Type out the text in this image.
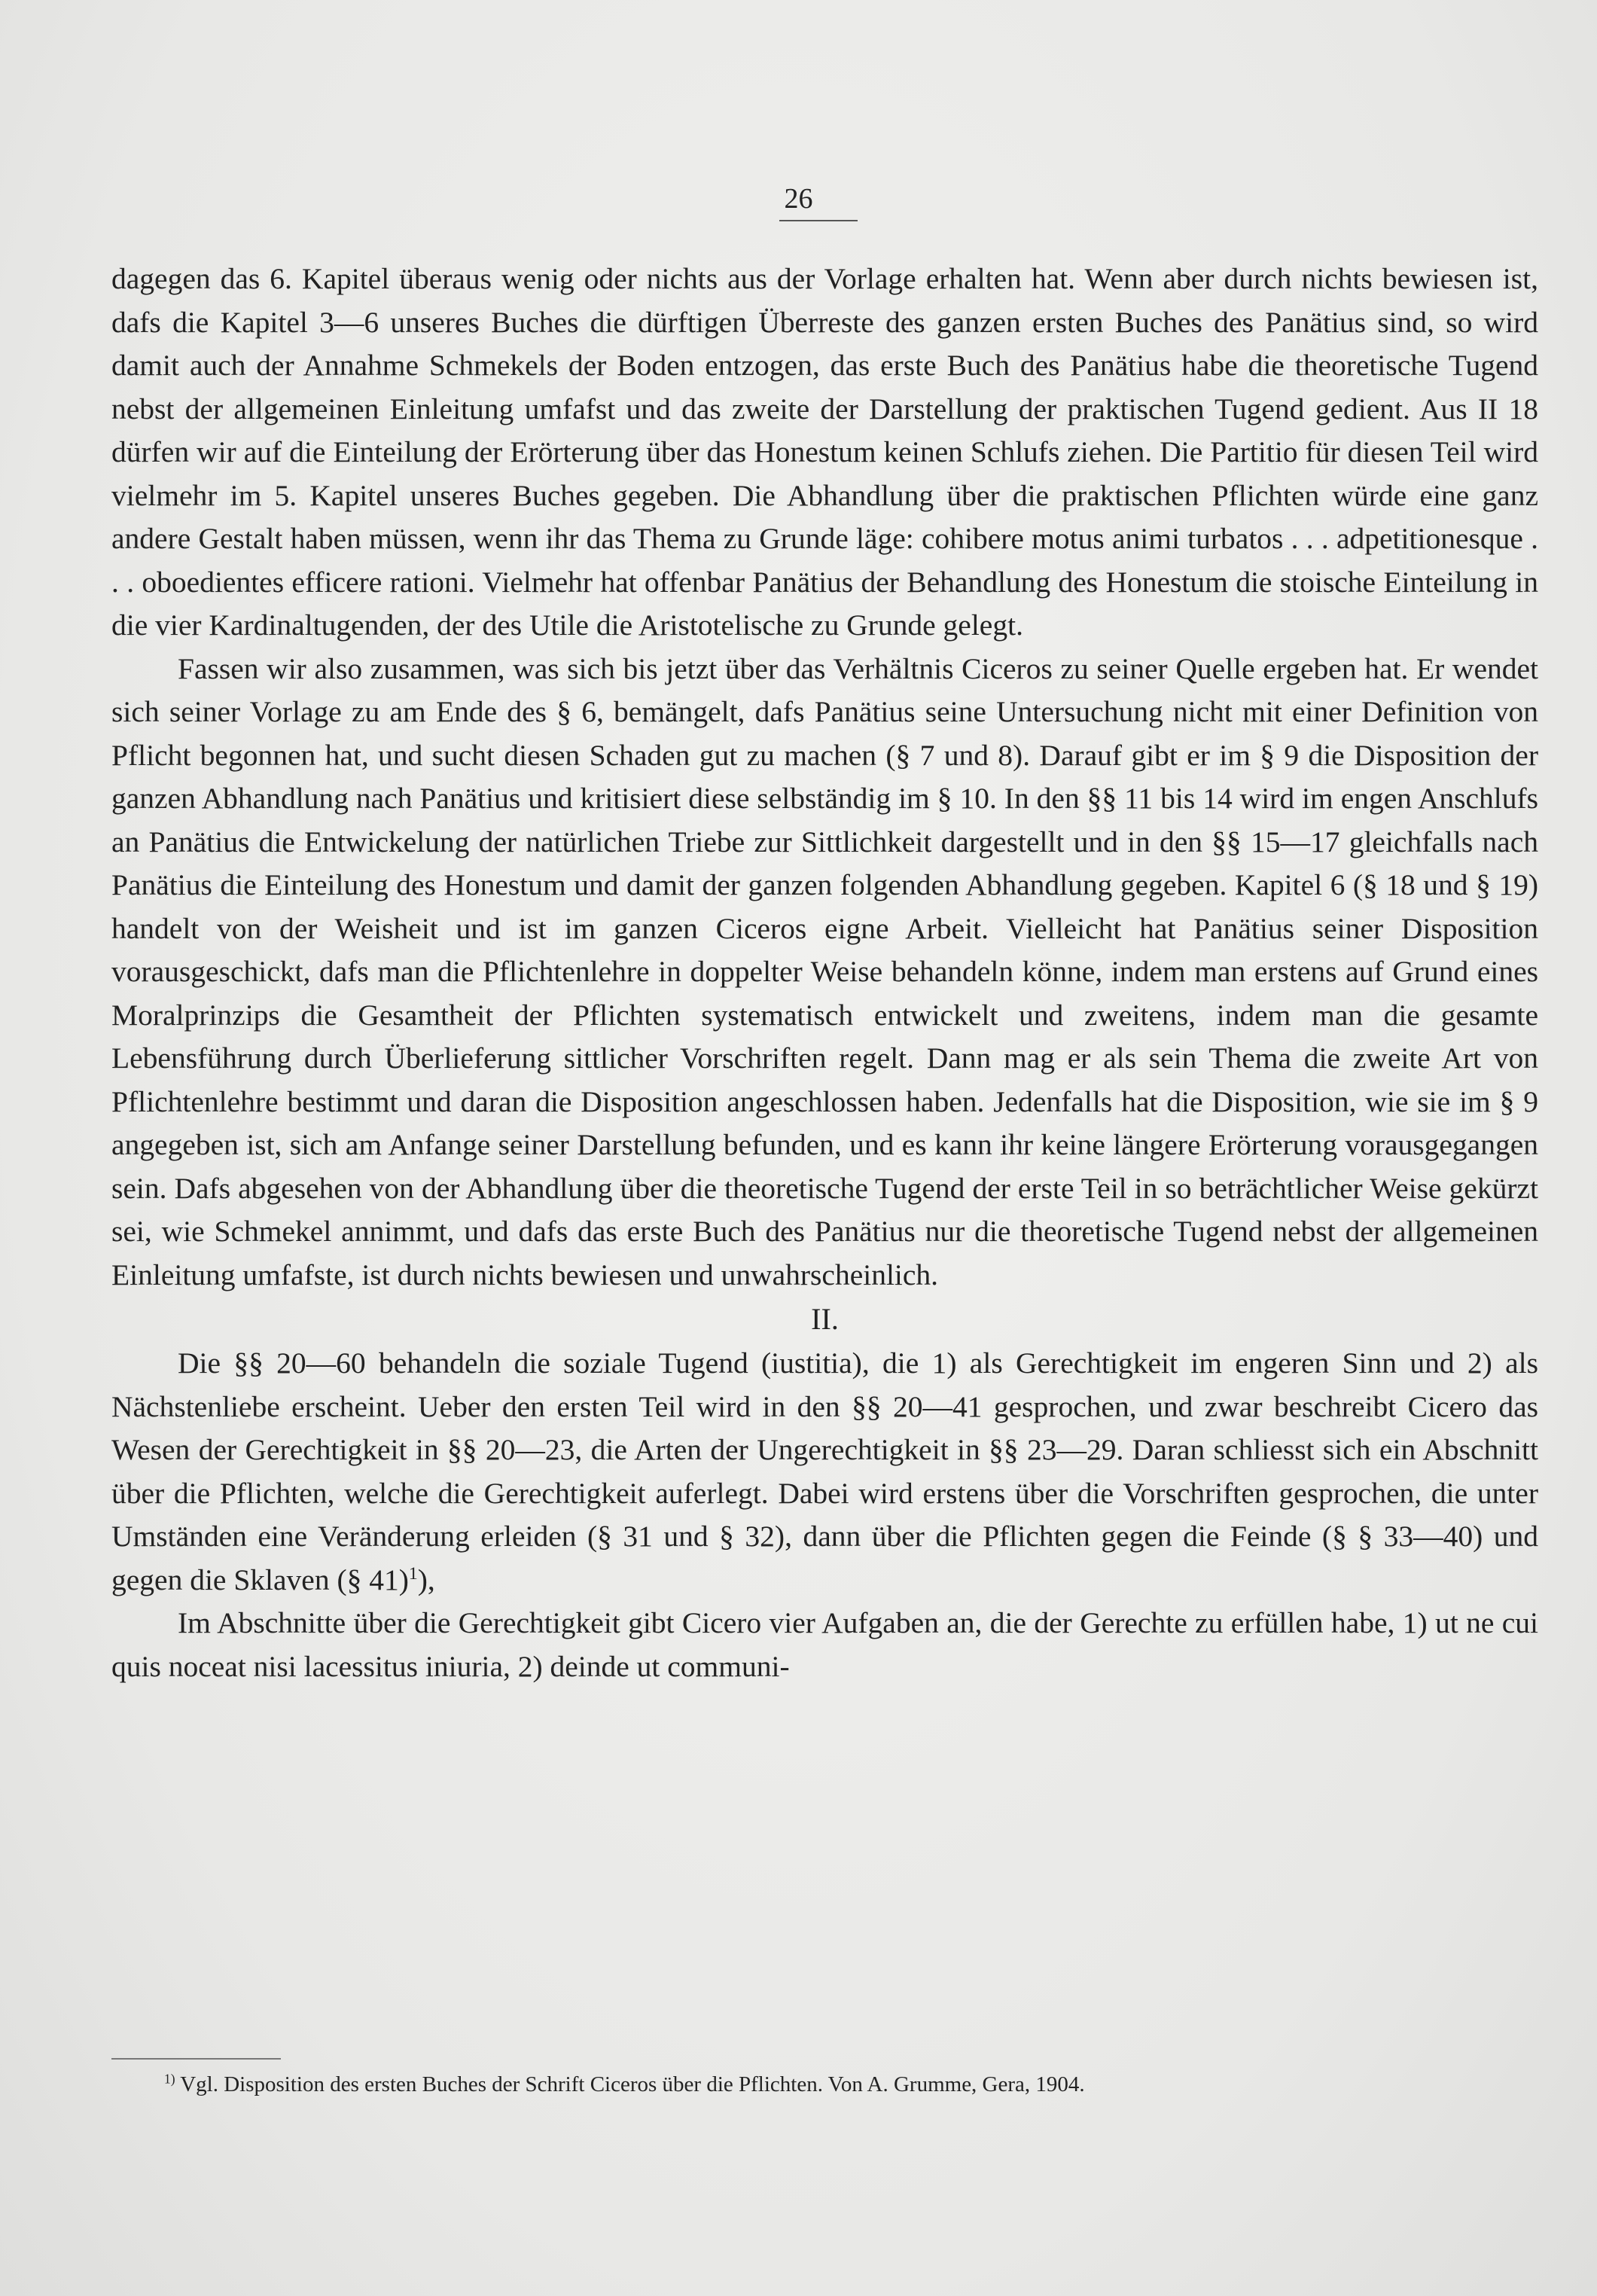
26

dagegen das 6. Kapitel überaus wenig oder nichts aus der Vorlage erhalten hat. Wenn aber durch nichts bewiesen ist, dafs die Kapitel 3—6 unseres Buches die dürftigen Überreste des ganzen ersten Buches des Panätius sind, so wird damit auch der Annahme Schmekels der Boden entzogen, das erste Buch des Panätius habe die theoretische Tugend nebst der allgemeinen Einleitung umfafst und das zweite der Darstellung der praktischen Tugend gedient. Aus II 18 dürfen wir auf die Einteilung der Erörterung über das Honestum keinen Schlufs ziehen. Die Partitio für diesen Teil wird vielmehr im 5. Kapitel unseres Buches gegeben. Die Abhandlung über die praktischen Pflichten würde eine ganz andere Gestalt haben müssen, wenn ihr das Thema zu Grunde läge: cohibere motus animi turbatos . . . adpetitionesque . . . oboedientes efficere rationi. Vielmehr hat offenbar Panätius der Behandlung des Honestum die stoische Einteilung in die vier Kardinaltugenden, der des Utile die Aristotelische zu Grunde gelegt.

Fassen wir also zusammen, was sich bis jetzt über das Verhältnis Ciceros zu seiner Quelle ergeben hat. Er wendet sich seiner Vorlage zu am Ende des § 6, bemängelt, dafs Panätius seine Untersuchung nicht mit einer Definition von Pflicht begonnen hat, und sucht diesen Schaden gut zu machen (§ 7 und 8). Darauf gibt er im § 9 die Disposition der ganzen Abhandlung nach Panätius und kritisiert diese selbständig im § 10. In den §§ 11 bis 14 wird im engen Anschlufs an Panätius die Entwickelung der natürlichen Triebe zur Sittlichkeit dargestellt und in den §§ 15—17 gleichfalls nach Panätius die Einteilung des Honestum und damit der ganzen folgenden Abhandlung gegeben. Kapitel 6 (§ 18 und § 19) handelt von der Weisheit und ist im ganzen Ciceros eigne Arbeit. Vielleicht hat Panätius seiner Disposition vorausgeschickt, dafs man die Pflichtenlehre in doppelter Weise behandeln könne, indem man erstens auf Grund eines Moralprinzips die Gesamtheit der Pflichten systematisch entwickelt und zweitens, indem man die gesamte Lebensführung durch Überlieferung sittlicher Vorschriften regelt. Dann mag er als sein Thema die zweite Art von Pflichtenlehre bestimmt und daran die Disposition angeschlossen haben. Jedenfalls hat die Disposition, wie sie im § 9 angegeben ist, sich am Anfange seiner Darstellung befunden, und es kann ihr keine längere Erörterung vorausgegangen sein. Dafs abgesehen von der Abhandlung über die theoretische Tugend der erste Teil in so beträchtlicher Weise gekürzt sei, wie Schmekel annimmt, und dafs das erste Buch des Panätius nur die theoretische Tugend nebst der allgemeinen Einleitung umfafste, ist durch nichts bewiesen und unwahrscheinlich.

II.

Die §§ 20—60 behandeln die soziale Tugend (iustitia), die 1) als Gerechtigkeit im engeren Sinn und 2) als Nächstenliebe erscheint. Ueber den ersten Teil wird in den §§ 20—41 gesprochen, und zwar beschreibt Cicero das Wesen der Gerechtigkeit in §§ 20—23, die Arten der Ungerechtigkeit in §§ 23—29. Daran schliesst sich ein Abschnitt über die Pflichten, welche die Gerechtigkeit auferlegt. Dabei wird erstens über die Vorschriften gesprochen, die unter Umständen eine Veränderung erleiden (§ 31 und § 32), dann über die Pflichten gegen die Feinde (§ § 33—40) und gegen die Sklaven (§ 41)$^1$),

Im Abschnitte über die Gerechtigkeit gibt Cicero vier Aufgaben an, die der Gerechte zu erfüllen habe, 1) ut ne cui quis noceat nisi lacessitus iniuria, 2) deinde ut communi-

$^{1)}$ Vgl. Disposition des ersten Buches der Schrift Ciceros über die Pflichten. Von A. Grumme, Gera, 1904.
